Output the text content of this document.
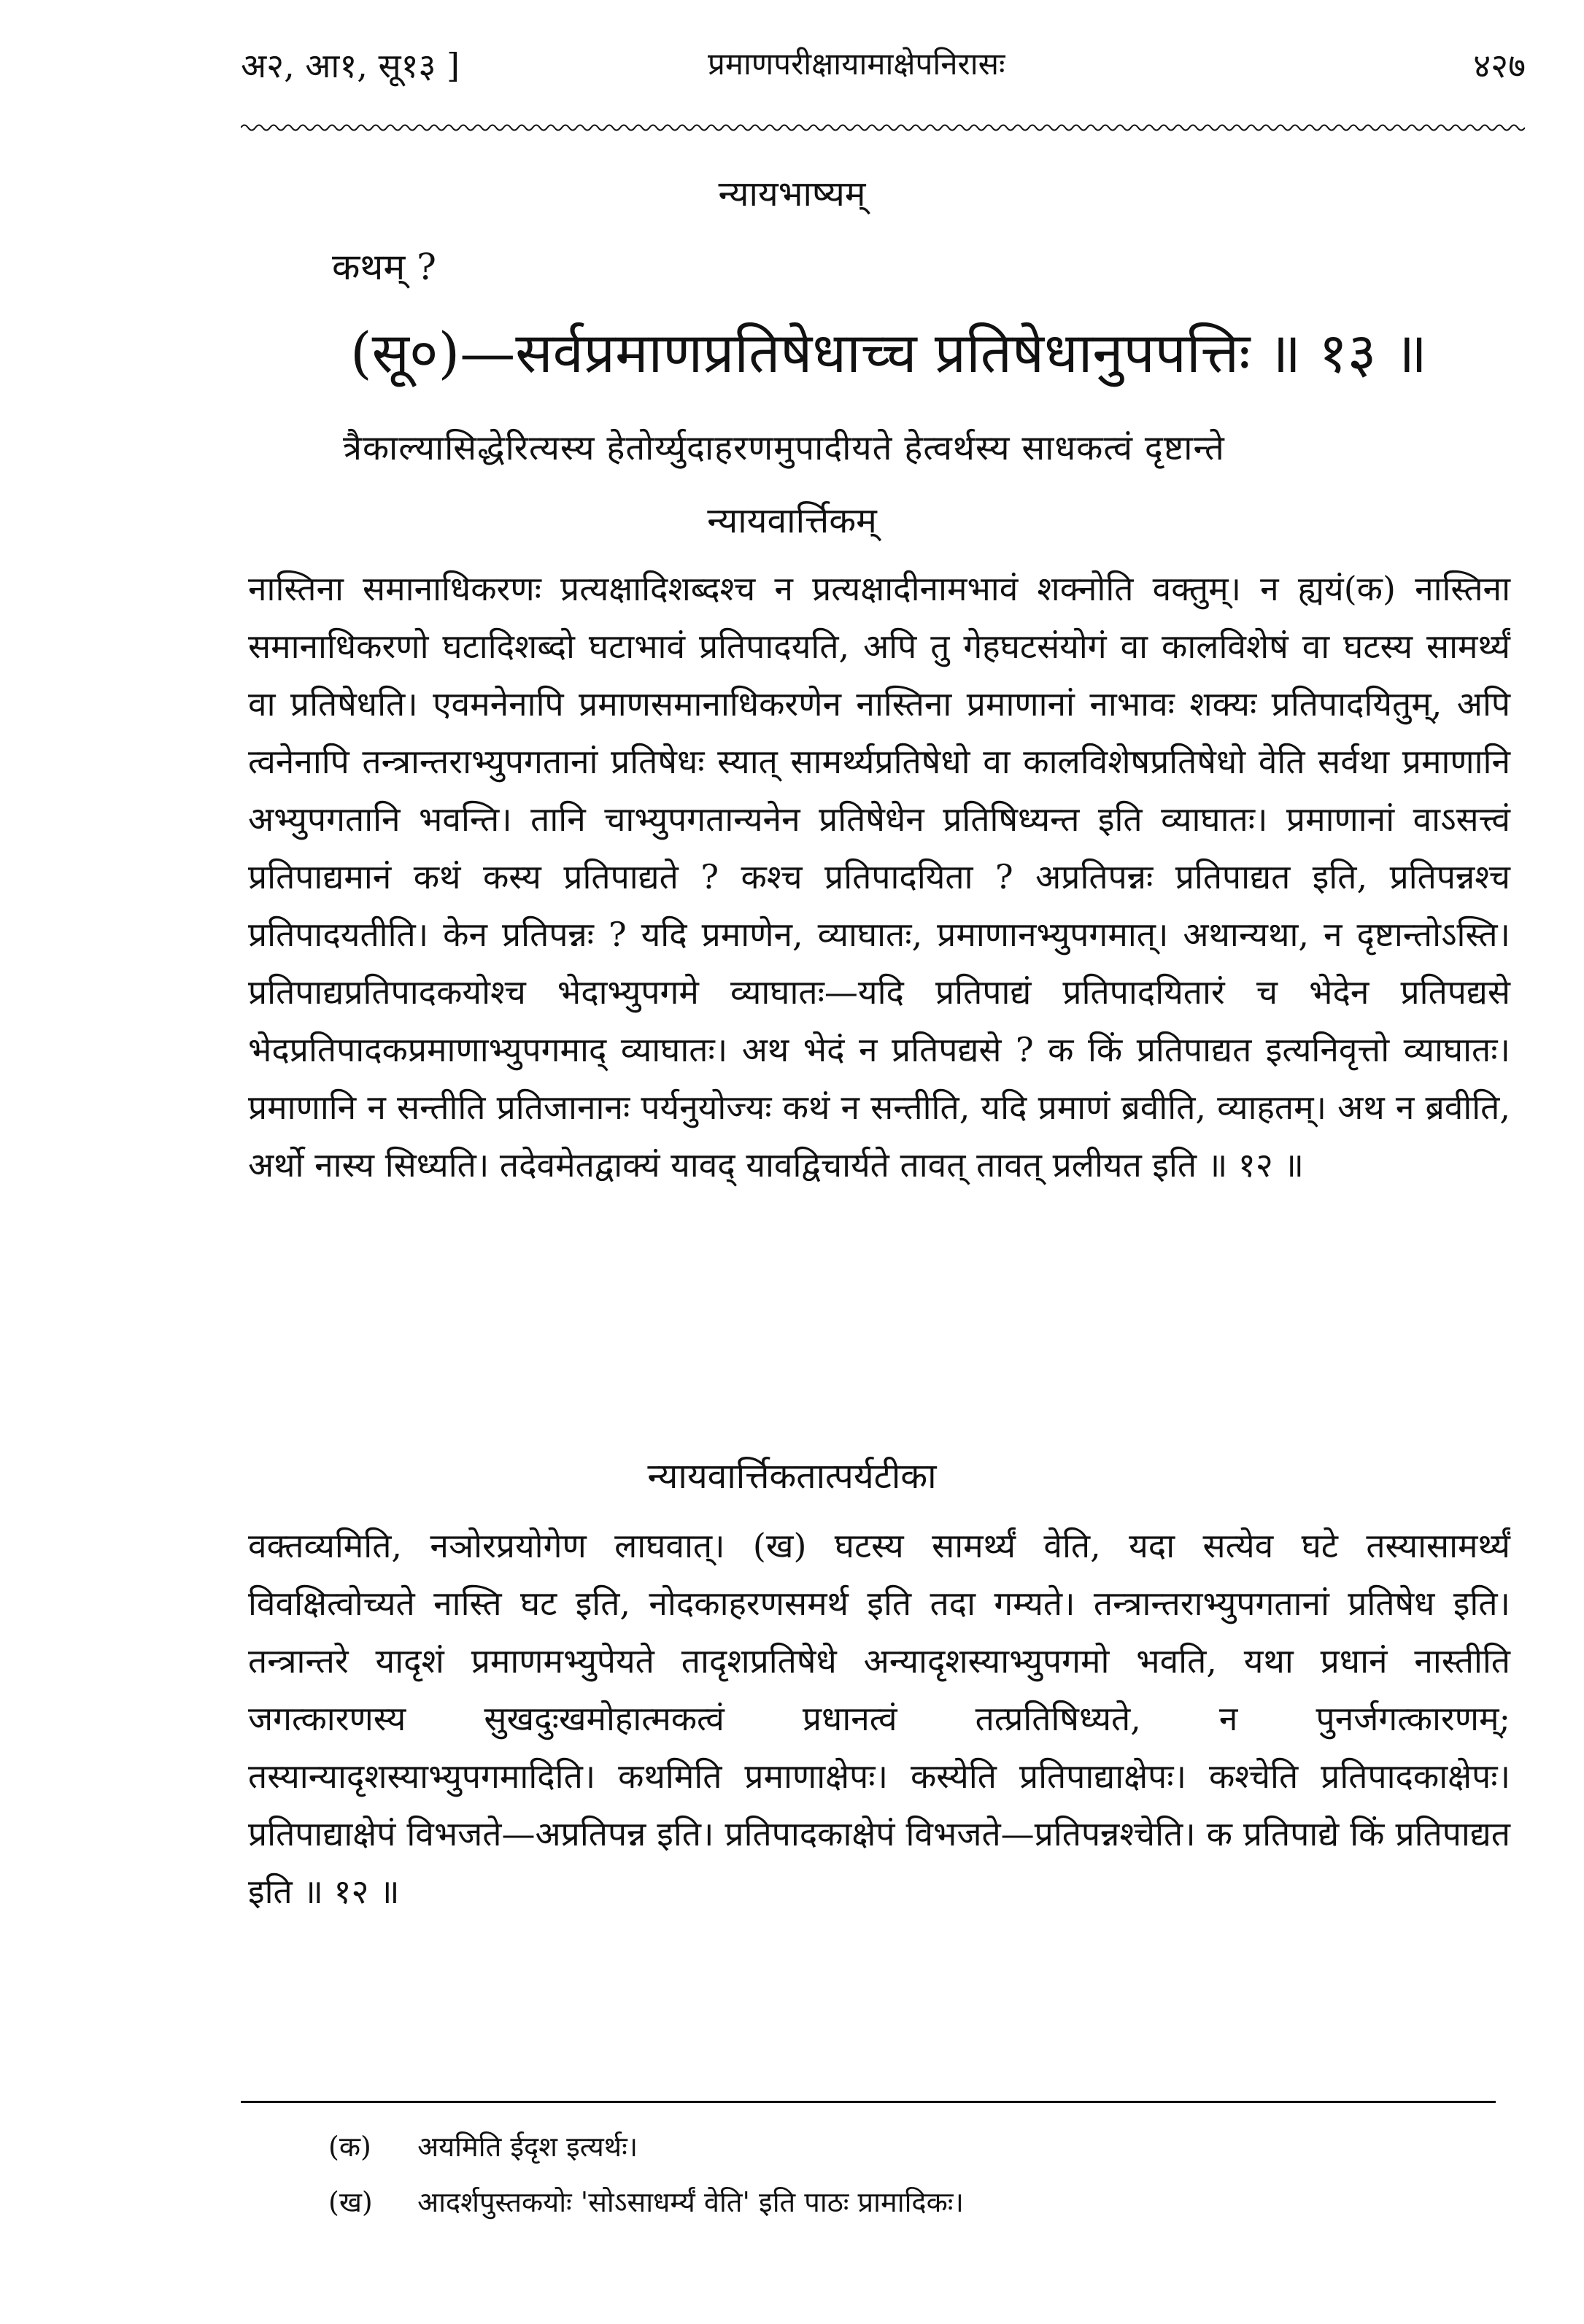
अ२, आ१, सू१३ ]	प्रमाणपरीक्षायामाक्षेपनिरासः	४२७
न्यायभाष्यम्
कथम् ?
(सू०)—सर्वप्रमाणप्रतिषेधाच्च प्रतिषेधानुपपत्तिः ॥ १३ ॥
त्रैकाल्यासिद्धेरित्यस्य हेतोर्य्युदाहरणमुपादीयते हेत्वर्थस्य साधकत्वं दृष्टान्ते
न्यायवार्त्तिकम्

नास्तिना समानाधिकरणः प्रत्यक्षादिशब्दश्च न प्रत्यक्षादीनामभावं शक्नोति वक्तुम्। न ह्ययं(क) नास्तिना समानाधिकरणो घटादिशब्दो घटाभावं प्रतिपादयति, अपि तु गेहघटसंयोगं वा कालविशेषं वा घटस्य सामर्थ्यं वा प्रतिषेधति। एवमनेनापि प्रमाणसमानाधिकरणेन नास्तिना प्रमाणानां नाभावः शक्यः प्रतिपादयितुम्, अपि त्वनेनापि तन्त्रान्तराभ्युपगतानां प्रतिषेधः स्यात् सामर्थ्यप्रतिषेधो वा कालविशेषप्रतिषेधो वेति सर्वथा प्रमाणानि अभ्युपगतानि भवन्ति। तानि चाभ्युपगतान्यनेन प्रतिषेधेन प्रतिषिध्यन्त इति व्याघातः। प्रमाणानां वाऽसत्त्वं प्रतिपाद्यमानं कथं कस्य प्रतिपाद्यते ? कश्च प्रतिपादयिता ? अप्रतिपन्नः प्रतिपाद्यत इति, प्रतिपन्नश्च प्रतिपादयतीति। केन प्रतिपन्नः ? यदि प्रमाणेन, व्याघातः, प्रमाणानभ्युपगमात्। अथान्यथा, न दृष्टान्तोऽस्ति। प्रतिपाद्यप्रतिपादकयोश्च भेदाभ्युपगमे व्याघातः—यदि प्रतिपाद्यं प्रतिपादयितारं च भेदेन प्रतिपद्यसे भेदप्रतिपादकप्रमाणाभ्युपगमाद् व्याघातः। अथ भेदं न प्रतिपद्यसे ? क किं प्रतिपाद्यत इत्यनिवृत्तो व्याघातः। प्रमाणानि न सन्तीति प्रतिजानानः पर्यनुयोज्यः कथं न सन्तीति, यदि प्रमाणं ब्रवीति, व्याहतम्। अथ न ब्रवीति, अर्थो नास्य सिध्यति। तदेवमेतद्वाक्यं यावद् यावद्विचार्यते तावत् तावत् प्रलीयत इति ॥ १२ ॥

न्यायवार्त्तिकतात्पर्यटीका

वक्तव्यमिति, नञोरप्रयोगेण लाघवात्। (ख) घटस्य सामर्थ्यं वेति, यदा सत्येव घटे तस्यासामर्थ्यं विवक्षित्वोच्यते नास्ति घट इति, नोदकाहरणसमर्थ इति तदा गम्यते। तन्त्रान्तराभ्युपगतानां प्रतिषेध इति। तन्त्रान्तरे यादृशं प्रमाणमभ्युपेयते तादृशप्रतिषेधे अन्यादृशस्याभ्युपगमो भवति, यथा प्रधानं नास्तीति जगत्कारणस्य सुखदुःखमोहात्मकत्वं प्रधानत्वं तत्प्रतिषिध्यते, न पुनर्जगत्कारणम्; तस्यान्यादृशस्याभ्युपगमादिति। कथमिति प्रमाणाक्षेपः। कस्येति प्रतिपाद्याक्षेपः। कश्चेति प्रतिपादकाक्षेपः। प्रतिपाद्याक्षेपं विभजते—अप्रतिपन्न इति। प्रतिपादकाक्षेपं विभजते—प्रतिपन्नश्चेति। क प्रतिपाद्ये किं प्रतिपाद्यत इति ॥ १२ ॥

(क) अयमिति ईदृश इत्यर्थः।
(ख) आदर्शपुस्तकयोः 'सोऽसाधर्म्यं वेति' इति पाठः प्रामादिकः।
